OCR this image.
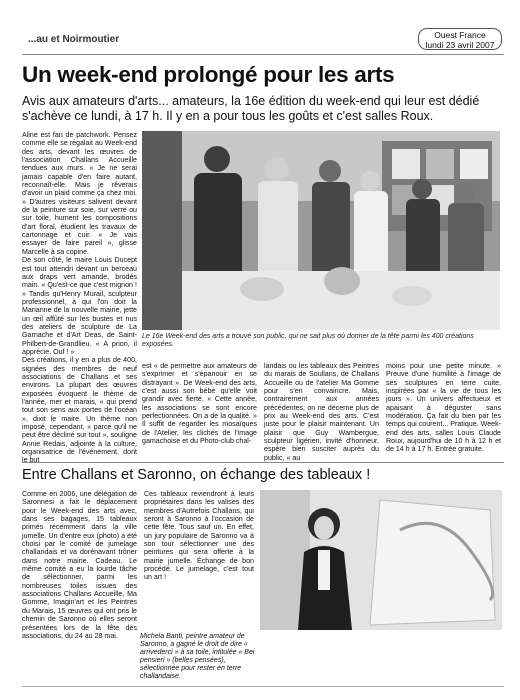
...au et Noirmoutier	Ouest France
lundi 23 avril 2007
Un week-end prolongé pour les arts
Avis aux amateurs d'arts... amateurs, la 16e édition du week-end qui leur est dédié s'achève ce lundi, à 17 h. Il y en a pour tous les goûts et c'est salles Roux.

Aline est fan de patchwork. Pensez comme elle se régalait au Week-end des arts, devant les œuvres de l'association Challans Accueille tendues aux murs. « Je ne serai jamais capable d'en faire autant, reconnaît-elle. Mais je rêverais d'avoir un plaid comme ça chez moi. » D'autres visiteurs salivent devant de la peinture sur soie, sur verre ou sur toile, hument les compositions d'art floral, étudient les travaux de cartonnage et cuir. « Je vais essayer de faire pareil », glisse Marcelle à sa copine.

De son côté, le maire Louis Ducept est tout attendri devant un berceau aux draps vert amande, brodés main. « Qu'est-ce que c'est mignon ! » Tandis qu'Henry Murail, sculpteur professionnel, à qui l'on doit la Marianne de la nouvelle mairie, jette un œil affûté sur les bustes et nus des ateliers de sculpture de La Garnache et d'Art Deas, de Saint-Philbert-de-Grandlieu. « A priori, il apprécie. Ouf ! »

Des créations, il y en a plus de 400, signées des membres de neuf associations de Challans et ses environs. La plupart des œuvres exposées évoquent le thème de l'année, mer et marais, « qui prend tout son sens aux portes de l'océan », dixit le maire. Un thème non imposé, cependant, « parce qu'il ne peut être décliné sur tout », souligne Annie Redais, adjointe à la culture, organisatrice de l'événement, dont le but

Le 16e Week-end des arts a trouvé son public, qui ne sait plus où donner de la tête parmi les 400 créations exposées.
est « de permettre aux amateurs de s'exprimer et s'épanouir en se distrayant ». De Week-end des arts, c'est aussi son bébé qu'elle voit grandir avec fierté. « Cette année, les associations se sont encore perfectionnées. On a de la qualité. » Il suffit de regarder les mosaïques de l'Atelier, les clichés de l'image gamachoise et du Photo-club chal-
landais ou les tableaux des Peintres du marais de Soullans, de Challans Accueille ou de l'atelier Ma Gomme pour s'en convaincre. Mais, contrairement aux années précédentes, on ne décerne plus de prix au Week-end des arts. C'est juste pour le plaisir maintenant. Un plaisir que Guy Wambergue, sculpteur ligérien, invité d'honneur, espère bien susciter auprès du public, « au
moins pour une petite minute. » Preuve d'une humilité à l'image de ses sculptures en terre cuite, inspirées par « la vie de tous les jours ». Un univers affectueux et apaisant à déguster sans modération. Ça fait du bien par les temps qui courent... Pratique. Week-end des arts, salles Louis Claude Roux, aujourd'hui de 10 h à 12 h et de 14 h à 17 h. Entrée gratuite.
Entre Challans et Saronno, on échange des tableaux !
Comme en 2006, une délégation de Saronnesi a fait le déplacement pour le Week-end des arts avec, dans ses bagages, 15 tableaux primés récemment dans la ville jumelle. Un d'entre eux (photo) a été choisi par le comité de jumelage challandais et va dorénavant trôner dans notre mairie. Cadeau. Le même comité a eu la lourde tâche de sélectionner, parmi les nombreuses toiles issues des associations Challans Accueille, Ma Gomme, Imagin'art et les Peintres du Marais, 15 œuvres qui ont pris le chemin de Saronno où elles seront présentées lors de la fête des associations, du 24 au 28 mai.
Ces tableaux reviendront à leurs propriétaires dans les valises des membres d'Autrefois Challans, qui seront à Saronno à l'occasion de cette fête. Tous sauf un. En effet, un jury populaire de Saronno va à son tour sélectionner une des peintures qui sera offerte à la mairie jumelle. Échange de bon procédé. Le jumelage, c'est tout un art !
Michela Banti, peintre amateur de Saronno, a gagné le droit de dire « arrivederci » à sa toile, intitulée « Bei pensieri » (belles pensées), sélectionnée pour rester en terre challandaise.
